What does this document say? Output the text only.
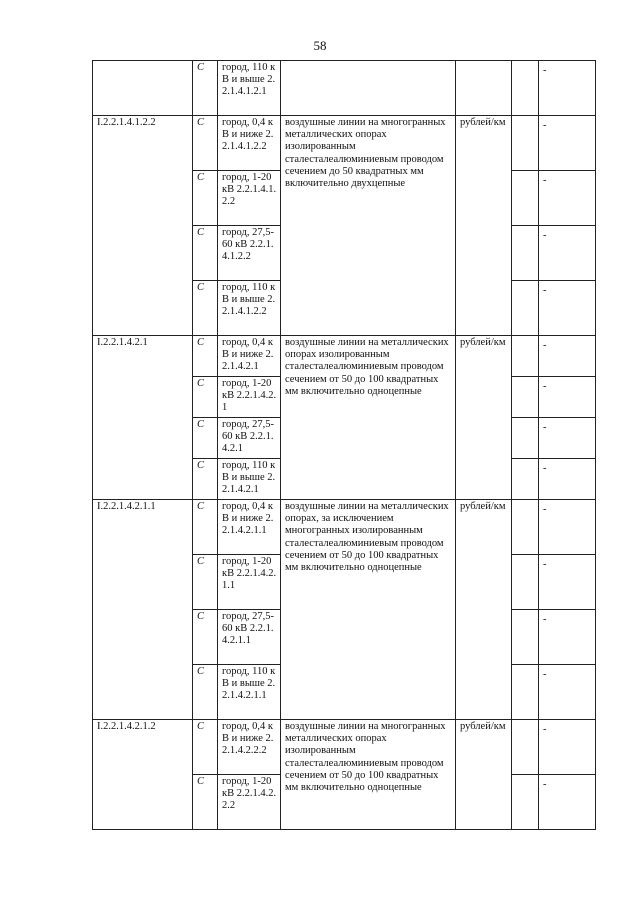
58
	С	город, 110 кВ и выше 2.2.1.4.1.2.1				-
I.2.2.1.4.1.2.2	С	город, 0,4 кВ и ниже 2.2.1.4.1.2.2	воздушные линии на многогранных металлических опорах изолированным сталесталеалюминиевым проводом сечением до 50 квадратных мм включительно двухцепные	рублей/км		-
	С	город, 1-20 кВ 2.2.1.4.1.2.2				-
	С	город, 27,5-60 кВ 2.2.1.4.1.2.2				-
	С	город, 110 кВ и выше 2.2.1.4.1.2.2				-
I.2.2.1.4.2.1	С	город, 0,4 кВ и ниже 2.2.1.4.2.1	воздушные линии на металлических опорах изолированным сталесталеалюминиевым проводом сечением от 50 до 100 квадратных мм включительно одноцепные	рублей/км		-
	С	город, 1-20 кВ 2.2.1.4.2.1				-
	С	город, 27,5-60 кВ 2.2.1.4.2.1				-
	С	город, 110 кВ и выше 2.2.1.4.2.1				-
I.2.2.1.4.2.1.1	С	город, 0,4 кВ и ниже 2.2.1.4.2.1.1	воздушные линии на металлических опорах, за исключением многогранных изолированным сталесталеалюминиевым проводом сечением от 50 до 100 квадратных мм включительно одноцепные	рублей/км		-
	С	город, 1-20 кВ 2.2.1.4.2.1.1				-
	С	город, 27,5-60 кВ 2.2.1.4.2.1.1				-
	С	город, 110 кВ и выше 2.2.1.4.2.1.1				-
I.2.2.1.4.2.1.2	С	город, 0,4 кВ и ниже 2.2.1.4.2.2.2	воздушные линии на многогранных металлических опорах изолированным сталесталеалюминиевым проводом сечением от 50 до 100 квадратных мм включительно одноцепные	рублей/км		-
	С	город, 1-20 кВ 2.2.1.4.2.2.2				-
